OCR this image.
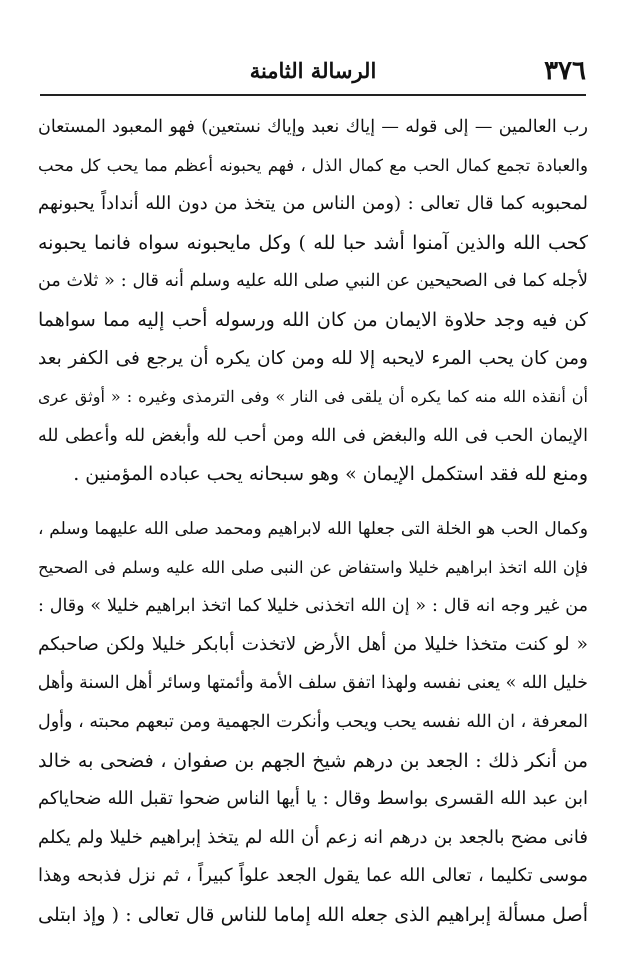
٣٧٦
الرسالة الثامنة

رب العالمين — إلى قوله — إياك نعبد وإياك نستعين) فهو المعبود المستعان
والعبادة تجمع كمال الحب مع كمال الذل ، فهم يحبونه أعظم مما يحب كل محب
لمحبوبه كما قال تعالى : (ومن الناس من يتخذ من دون الله أنداداً يحبونهم
كحب الله والذين آمنوا أشد حبا لله ) وكل مايحبونه سواه فانما يحبونه
لأجله كما فى الصحيحين عن النبي صلى الله عليه وسلم أنه قال : « ثلاث من
كن فيه وجد حلاوة الايمان من كان الله ورسوله أحب إليه مما سواهما
ومن كان يحب المرء لايحبه إلا لله ومن كان يكره أن يرجع فى الكفر بعد
أن أنقذه الله منه كما يكره أن يلقى فى النار » وفى الترمذى وغيره : « أوثق عرى
الإيمان الحب فى الله والبغض فى الله ومن أحب لله وأبغض لله وأعطى لله
ومنع لله فقد استكمل الإيمان » وهو سبحانه يحب عباده المؤمنين .

وكمال الحب هو الخلة التى جعلها الله لابراهيم ومحمد صلى الله عليهما وسلم ،
فإن الله اتخذ ابراهيم خليلا واستفاض عن النبى صلى الله عليه وسلم فى الصحيح
من غير وجه انه قال : « إن الله اتخذنى خليلا كما اتخذ ابراهيم خليلا » وقال :
« لو كنت متخذا خليلا من أهل الأرض لاتخذت أبابكر خليلا ولكن صاحبكم
خليل الله » يعنى نفسه ولهذا اتفق سلف الأمة وأئمتها وسائر أهل السنة وأهل
المعرفة ، ان الله نفسه يحب ويحب وأنكرت الجهمية ومن تبعهم محبته ، وأول
من أنكر ذلك : الجعد بن درهم شيخ الجهم بن صفوان ، فضحى به خالد
ابن عبد الله القسرى بواسط وقال : يا أيها الناس ضحوا تقبل الله ضحاياكم
فانى مضح بالجعد بن درهم انه زعم أن الله لم يتخذ إبراهيم خليلا ولم يكلم
موسى تكليما ، تعالى الله عما يقول الجعد علواً كبيراً ، ثم نزل فذبحه وهذا
أصل مسألة إبراهيم الذى جعله الله إماما للناس قال تعالى : ( وإذ ابتلى
